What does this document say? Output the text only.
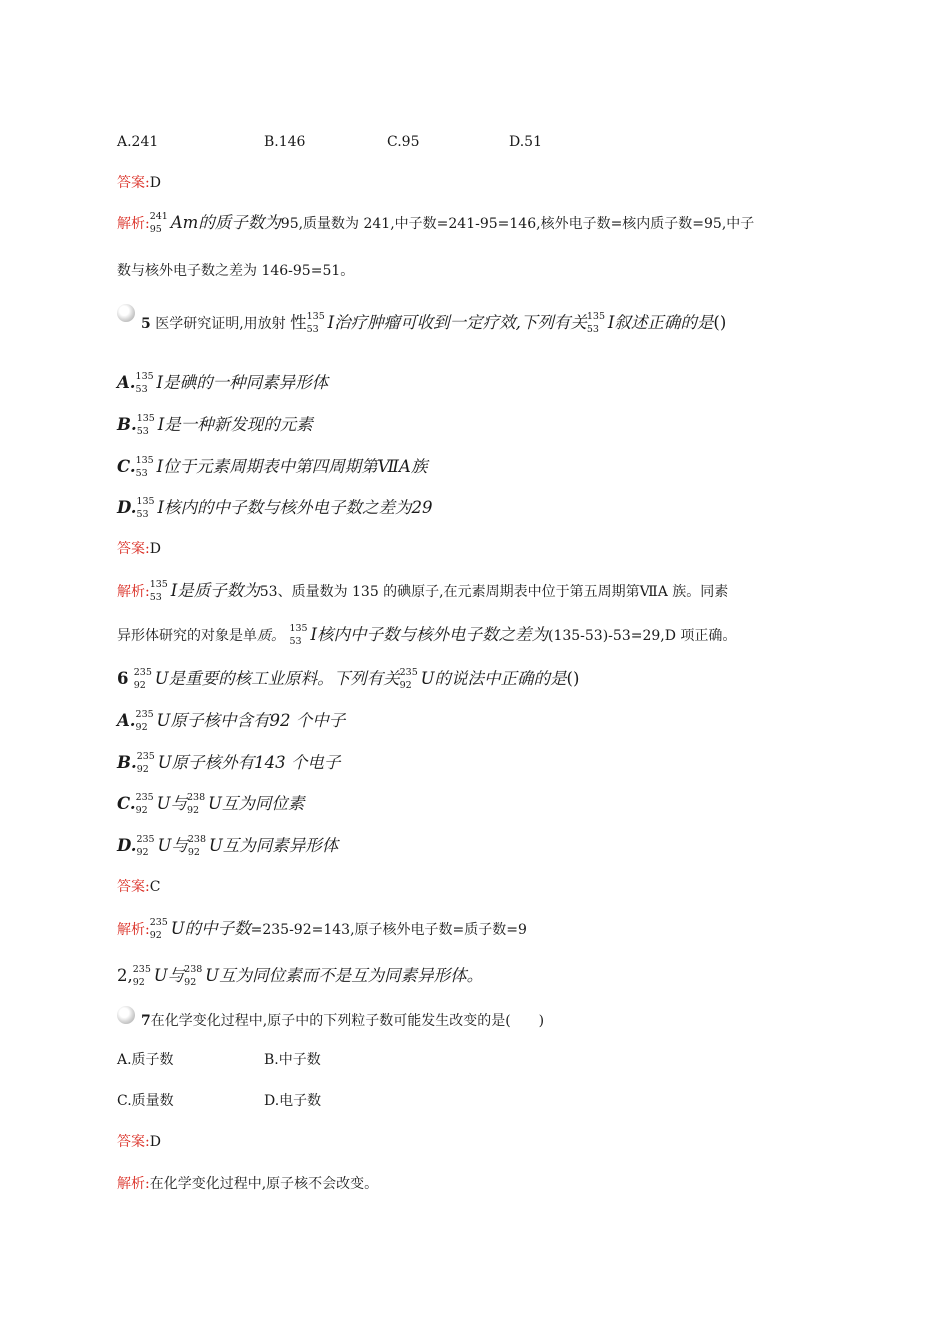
A.241	B.146	C.95	D.51
答案:D
解析: 241
95 Am的质子数为95,质量数为 241,中子数=241-95=146,核外电子数=核内质子数=95,中子
数与核外电子数之差为 146-95=51。
5 医学研究证明,用放射 性 135
53 I治疗肿瘤可收到一定疗效,下列有关 135
53 I叙述正确的是()
A. 135
53 I是碘的一种同素异形体
B. 135
53 I是一种新发现的元素
C. 135
53 I位于元素周期表中第四周期第ⅦA族
D. 135
53 I核内的中子数与核外电子数之差为29
答案:D
解析: 135
53 I是质子数为53、质量数为 135 的碘原子,在元素周期表中位于第五周期第ⅦA 族。同素
异形体研究的对象是单质。 135
53 I核内中子数与核外电子数之差为(135-53)-53=29,D 项正确。
6 235
92 U是重要的核工业原料。下列有关 235
92 U的说法中正确的是()
A. 235
92 U原子核中含有92 个中子
B. 235
92 U原子核外有143 个电子
C. 235
92 U与 238
92 U互为同位素
D. 235
92 U与 238
92 U互为同素异形体
答案:C
解析: 235
92 U的中子数=235-92=143,原子核外电子数=质子数=9
2, 235
92 U与 238
92 U互为同位素而不是互为同素异形体。
7在化学变化过程中,原子中的下列粒子数可能发生改变的是(　　)
A.质子数	B.中子数
C.质量数	D.电子数
答案:D
解析:在化学变化过程中,原子核不会改变。
